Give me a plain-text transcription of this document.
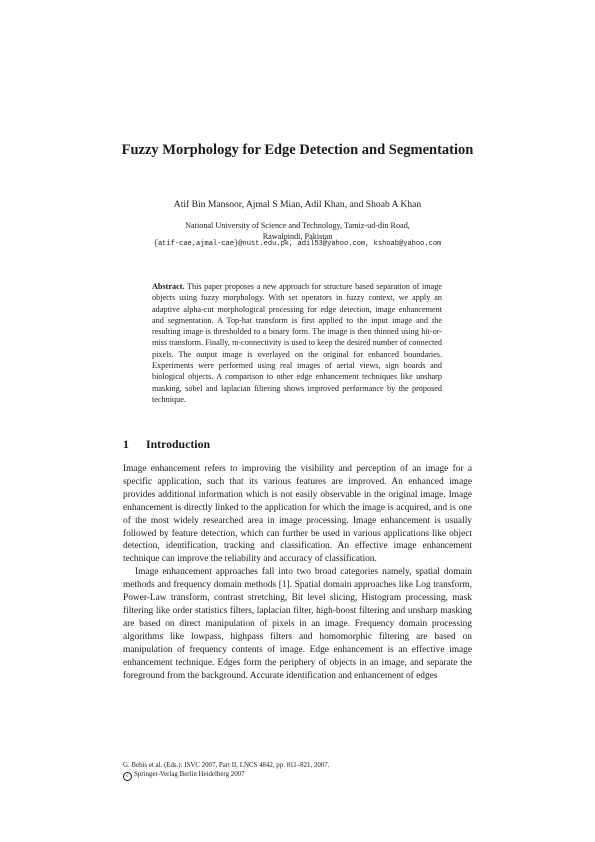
Fuzzy Morphology for Edge Detection and Segmentation
Atif Bin Mansoor, Ajmal S Mian, Adil Khan, and Shoab A Khan
National University of Science and Technology, Tamiz-ud-din Road,
Rawalpindi, Pakistan
{atif-cae,ajmal-cae}@nust.edu.pk, adil53@yahoo.com, kshoab@yahoo.com
Abstract. This paper proposes a new approach for structure based separation of image objects using fuzzy morphology. With set operators in fuzzy context, we apply an adaptive alpha-cut morphological processing for edge detection, image enhancement and segmentation. A Top-hat transform is first applied to the input image and the resulting image is thresholded to a binary form. The image is then thinned using hit-or-miss transform. Finally, m-connectivity is used to keep the desired number of connected pixels. The output image is overlayed on the original for enhanced boundaries. Experiments were performed using real images of aerial views, sign boards and biological objects. A comparison to other edge enhancement techniques like unsharp masking, sobel and laplacian filtering shows improved performance by the proposed technique.
1 Introduction

Image enhancement refers to improving the visibility and perception of an image for a specific application, such that its various features are improved. An enhanced image provides additional information which is not easily observable in the original image. Image enhancement is directly linked to the application for which the image is acquired, and is one of the most widely researched area in image processing. Image enhancement is usually followed by feature detection, which can further be used in various applications like object detection, identification, tracking and classification. An effective image enhancement technique can improve the reliability and accuracy of classification.

Image enhancement approaches fall into two broad categories namely, spatial domain methods and frequency domain methods [1]. Spatial domain approaches like Log transform, Power-Law transform, contrast stretching, Bit level slicing, Histogram processing, mask filtering like order statistics filters, laplacian filter, high-boost filtering and unsharp masking are based on direct manipulation of pixels in an image. Frequency domain processing algorithms like lowpass, highpass filters and homomorphic filtering are based on manipulation of frequency contents of image. Edge enhancement is an effective image enhancement technique. Edges form the periphery of objects in an image, and separate the foreground from the background. Accurate identification and enhancement of edges

G. Bebis et al. (Eds.): ISVC 2007, Part II, LNCS 4842, pp. 811–821, 2007.
c Springer-Verlag Berlin Heidelberg 2007
